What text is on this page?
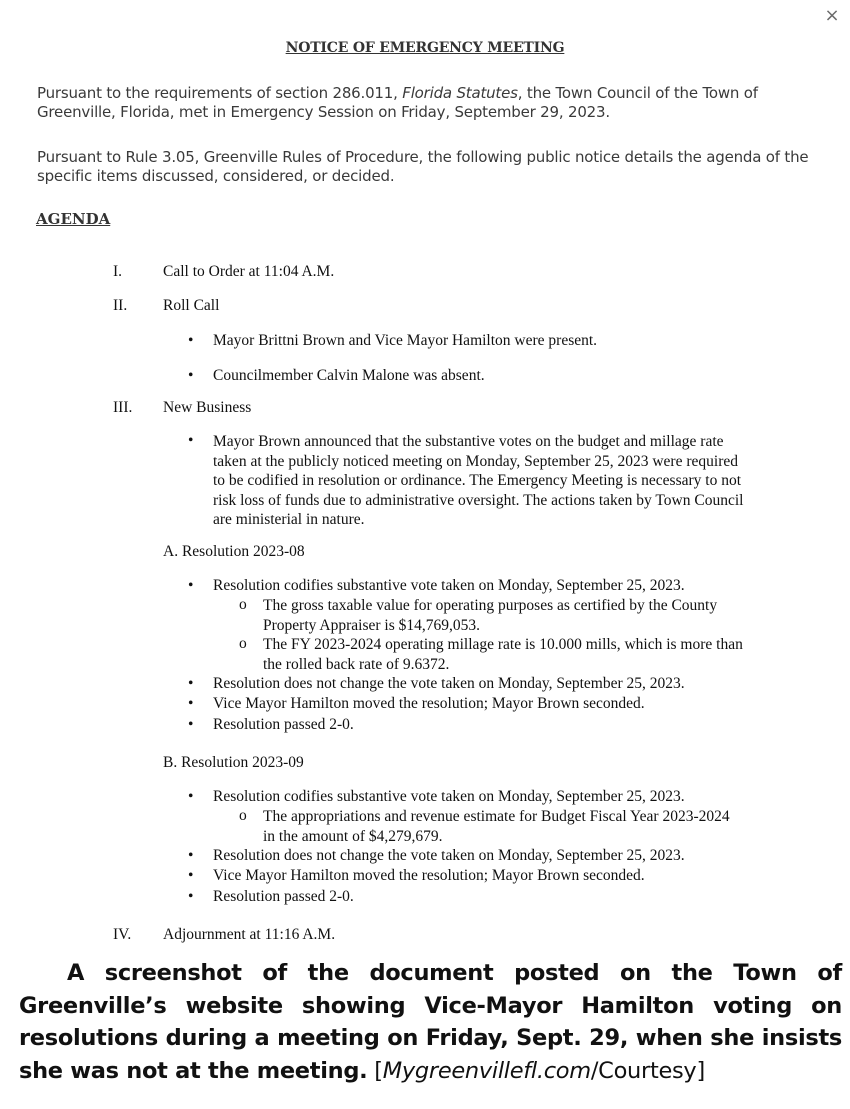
×
NOTICE OF EMERGENCY MEETING
Pursuant to the requirements of section 286.011, Florida Statutes, the Town Council of the Town of Greenville, Florida, met in Emergency Session on Friday, September 29, 2023.
Pursuant to Rule 3.05, Greenville Rules of Procedure, the following public notice details the agenda of the specific items discussed, considered, or decided.
AGENDA
I.	Call to Order at 11:04 A.M.
II. Roll Call
Mayor Brittni Brown and Vice Mayor Hamilton were present.
Councilmember Calvin Malone was absent.
III. New Business
• Mayor Brown announced that the substantive votes on the budget and millage rate taken at the publicly noticed meeting on Monday, September 25, 2023 were required to be codified in resolution or ordinance. The Emergency Meeting is necessary to not risk loss of funds due to administrative oversight. The actions taken by Town Council are ministerial in nature.
A. Resolution 2023-08
Resolution codifies substantive vote taken on Monday, September 25, 2023.
o The gross taxable value for operating purposes as certified by the County Property Appraiser is $14,769,053.
o The FY 2023-2024 operating millage rate is 10.000 mills, which is more than the rolled back rate of 9.6372.
Resolution does not change the vote taken on Monday, September 25, 2023.
Vice Mayor Hamilton moved the resolution; Mayor Brown seconded.
Resolution passed 2-0.
B. Resolution 2023-09
Resolution codifies substantive vote taken on Monday, September 25, 2023.
o The appropriations and revenue estimate for Budget Fiscal Year 2023-2024 in the amount of $4,279,679.
Resolution does not change the vote taken on Monday, September 25, 2023.
Vice Mayor Hamilton moved the resolution; Mayor Brown seconded.
Resolution passed 2-0.
IV. Adjournment at 11:16 A.M.
A screenshot of the document posted on the Town of Greenville’s website showing Vice-Mayor Hamilton voting on resolutions during a meeting on Friday, Sept. 29, when she insists she was not at the meeting. [Mygreenvillefl.com/Courtesy]
